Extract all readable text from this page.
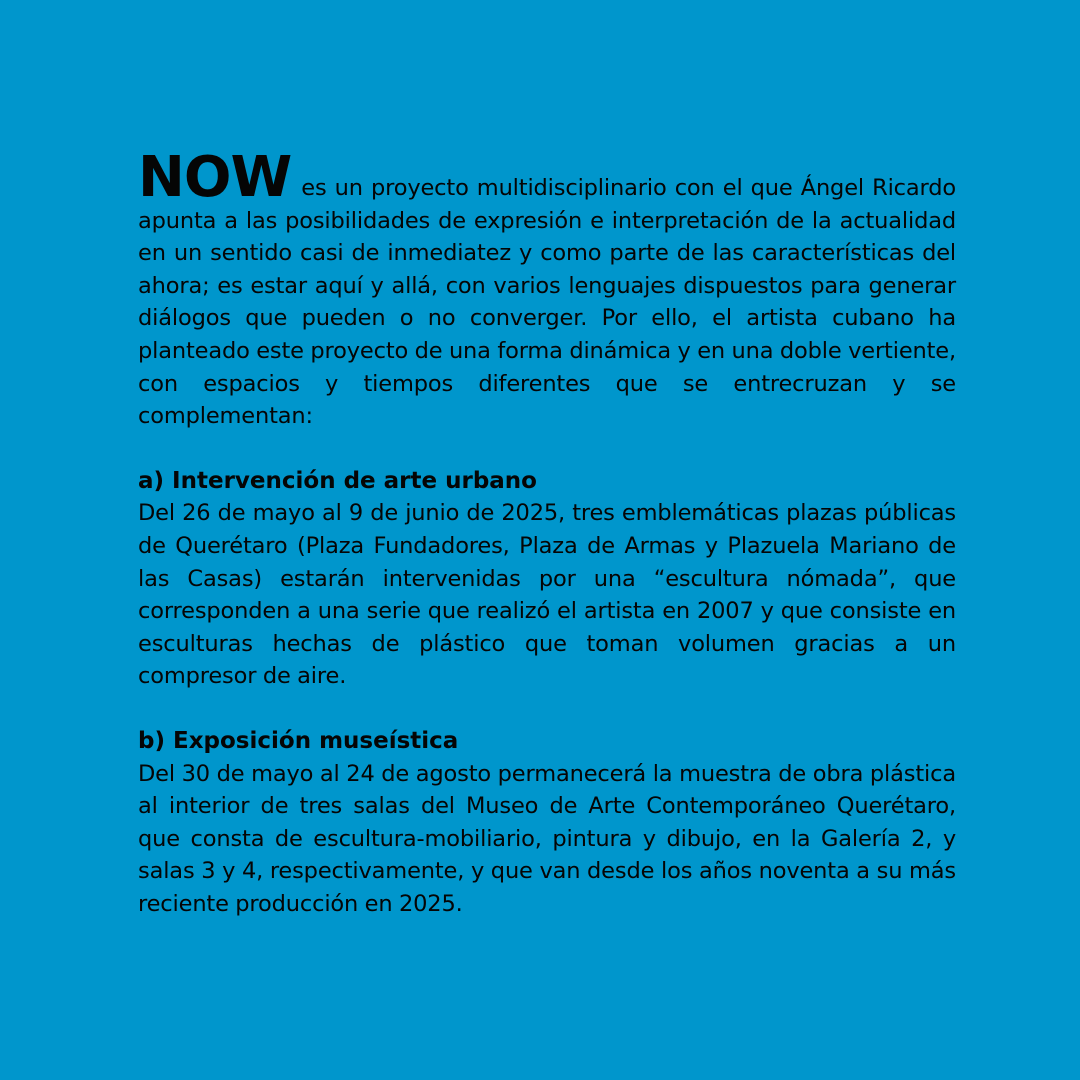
NOW es un proyecto multidisciplinario con el que Ángel Ricardo apunta a las posibilidades de expresión e interpretación de la actualidad en un sentido casi de inmediatez y como parte de las características del ahora; es estar aquí y allá, con varios lenguajes dispuestos para generar diálogos que pueden o no converger. Por ello, el artista cubano ha planteado este proyecto de una forma dinámica y en una doble vertiente, con espacios y tiempos diferentes que se entrecruzan y se complementan:

a) Intervención de arte urbano

Del 26 de mayo al 9 de junio de 2025, tres emblemáticas plazas públicas de Querétaro (Plaza Fundadores, Plaza de Armas y Plazuela Mariano de las Casas) estarán intervenidas por una “escultura nómada”, que corresponden a una serie que realizó el artista en 2007 y que consiste en esculturas hechas de plástico que toman volumen gracias a un compresor de aire.

b) Exposición museística

Del 30 de mayo al 24 de agosto permanecerá la muestra de obra plástica al interior de tres salas del Museo de Arte Contemporáneo Querétaro, que consta de escultura-mobiliario, pintura y dibujo, en la Galería 2, y salas 3 y 4, respectivamente, y que van desde los años noventa a su más reciente producción en 2025.
